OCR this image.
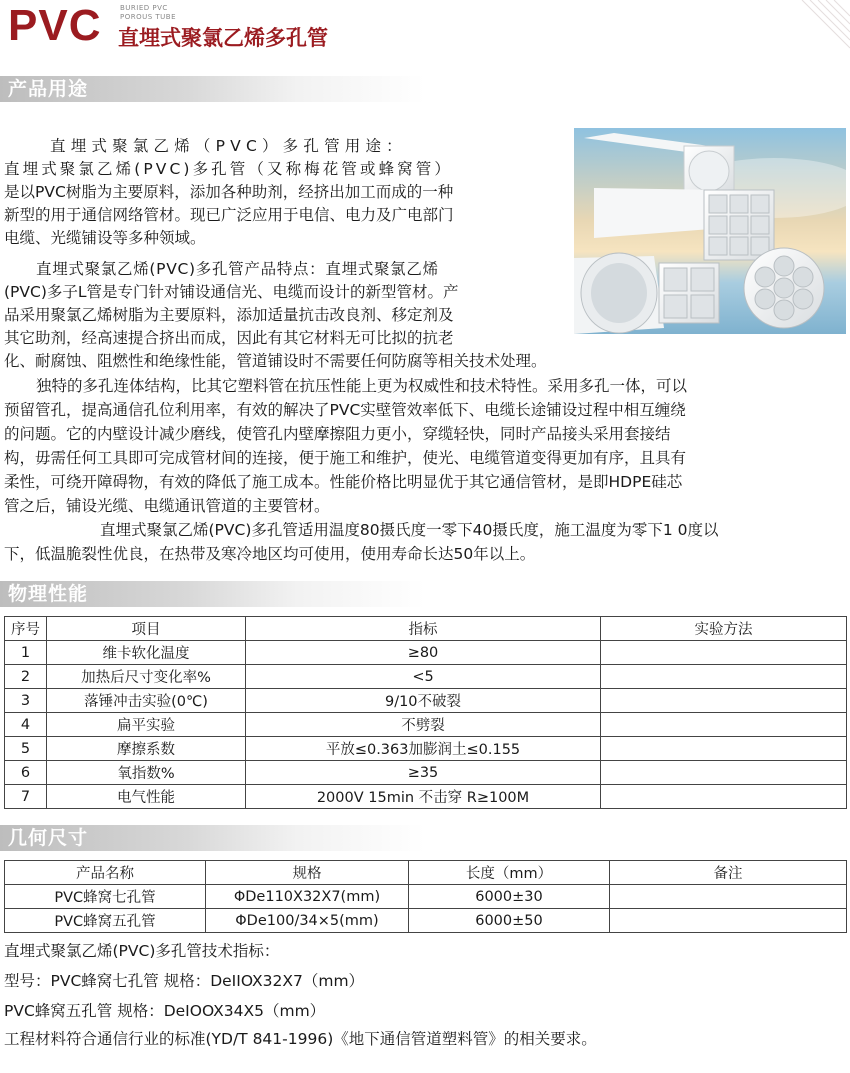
PVC	BURIED PVC
POROUS TUBE
直埋式聚氯乙烯多孔管
产品用途
直埋式聚氯乙烯（PVC）多孔管用途：
直埋式聚氯乙烯(PVC)多孔管（又称梅花管或蜂窝管）
是以PVC树脂为主要原料，添加各种助剂，经挤出加工而成的一种
新型的用于通信网络管材。现已广泛应用于电信、电力及广电部门
电缆、光缆铺设等多种领域。
直埋式聚氯乙烯(PVC)多孔管产品特点：直埋式聚氯乙烯
(PVC)多子L管是专门针对铺设通信光、电缆而设计的新型管材。产
品采用聚氯乙烯树脂为主要原料，添加适量抗击改良剂、移定剂及
其它助剂，经高速提合挤出而成，因此有其它材料无可比拟的抗老
化、耐腐蚀、阻燃性和绝缘性能，管道铺设时不需要任何防腐等相关技术处理。
独特的多孔连体结构，比其它塑料管在抗压性能上更为权威性和技术特性。采用多孔一体，可以
预留管孔，提高通信孔位利用率，有效的解决了PVC实壁管效率低下、电缆长途铺设过程中相互缠绕
的问题。它的内壁设计减少磨线，使管孔内壁摩擦阻力更小，穿缆轻快，同时产品接头采用套接结
构，毋需任何工具即可完成管材间的连接，便于施工和维护，使光、电缆管道变得更加有序，且具有
柔性，可绕开障碍物，有效的降低了施工成本。性能价格比明显优于其它通信管材，是即HDPE硅芯
管之后，铺设光缆、电缆通讯管道的主要管材。
直埋式聚氯乙烯(PVC)多孔管适用温度80摄氏度一零下40摄氏度，施工温度为零下1 0度以
下，低温脆裂性优良，在热带及寒冷地区均可使用，使用寿命长达50年以上。
物理性能
序号	项目	指标	实验方法
1	维卡软化温度	≥80	
2	加热后尺寸变化率%	<5	
3	落锤冲击实验(0℃)	9/10不破裂	
4	扁平实验	不劈裂	
5	摩擦系数	平放≤0.363加膨润土≤0.155	
6	氧指数%	≥35	
7	电气性能	2000V 15min 不击穿 R≥100M	
几何尺寸
产品名称	规格	长度（mm）	备注
PVC蜂窝七孔管	ΦDe110X32X7(mm)	6000±30	
PVC蜂窝五孔管	ΦDe100/34×5(mm)	6000±50	
直埋式聚氯乙烯(PVC)多孔管技术指标：
型号：PVC蜂窝七孔管 规格：DeIIOX32X7（mm）
PVC蜂窝五孔管 规格：DeIOOX34X5（mm）
工程材料符合通信行业的标准(YD/T 841-1996)《地下通信管道塑料管》的相关要求。
